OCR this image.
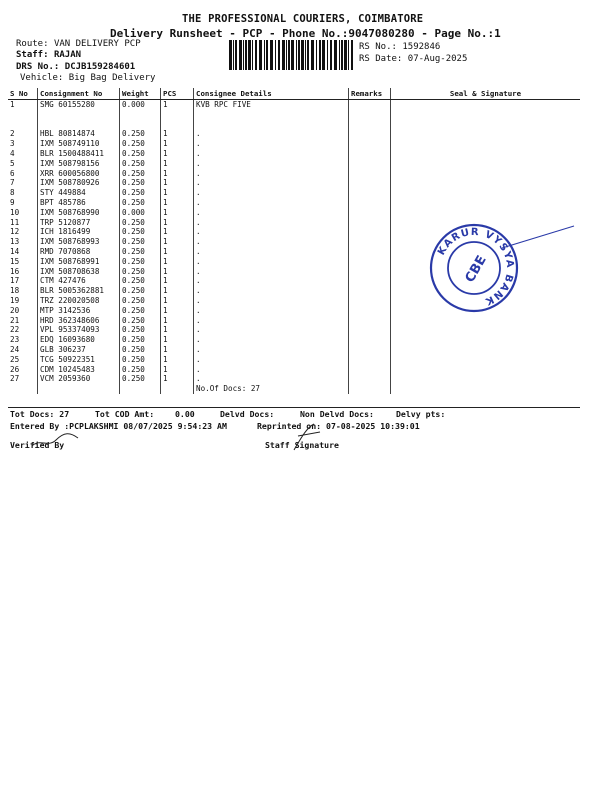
THE PROFESSIONAL COURIERS, COIMBATORE
Delivery Runsheet - PCP - Phone No.:9047080280 - Page No.:1
Route: VAN DELIVERY PCP
Staff: RAJAN
DRS No.: DCJB159284601
Vehicle: Big Bag Delivery
RS No.: 1592846
RS Date: 07-Aug-2025
S No	Consignment No	Weight	PCS	Consignee Details	Remarks	Seal & Signature
1	SMG 60155280	0.000	1	KVB RPC FIVE		

2	HBL 80814874	0.250	1	.		
3	IXM 508749110	0.250	1	.		
4	BLR 1500488411	0.250	1	.		
5	IXM 508798156	0.250	1	.		
6	XRR 600056800	0.250	1	.		
7	IXM 508780926	0.250	1	.		
8	STY 449884	0.250	1	.		
9	BPT 485786	0.250	1	.		
10	IXM 508768990	0.000	1	.		
11	TRP 5120877	0.250	1	.		
12	ICH 1816499	0.250	1	.		
13	IXM 508768993	0.250	1	.		
14	RMD 7070868	0.250	1	.		
15	IXM 508768991	0.250	1	.		
16	IXM 508708638	0.250	1	.		
17	CTM 427476	0.250	1	.		
18	BLR 5005362881	0.250	1	.		
19	TRZ 220020508	0.250	1	.		
20	MTP 3142536	0.250	1	.		
21	HRD 362348606	0.250	1	.		
22	VPL 953374093	0.250	1	.		
23	EDQ 16093680	0.250	1	.		
24	GLB 306237	0.250	1	.		
25	TCG 50922351	0.250	1	.		
26	CDM 10245483	0.250	1	.		
27	VCM 2059360	0.250	1	.		
				No.Of Docs: 27		
Tot Docs: 27	Tot COD Amt:	0.00	Delvd Docs:	Non Delvd Docs:	Delvy pts:
Entered By :PCPLAKSHMI 08/07/2025 9:54:23 AM	Reprinted on: 07-08-2025 10:39:01
Verified By	Staff Signature
KARUR VYSYA BANK
CBE
